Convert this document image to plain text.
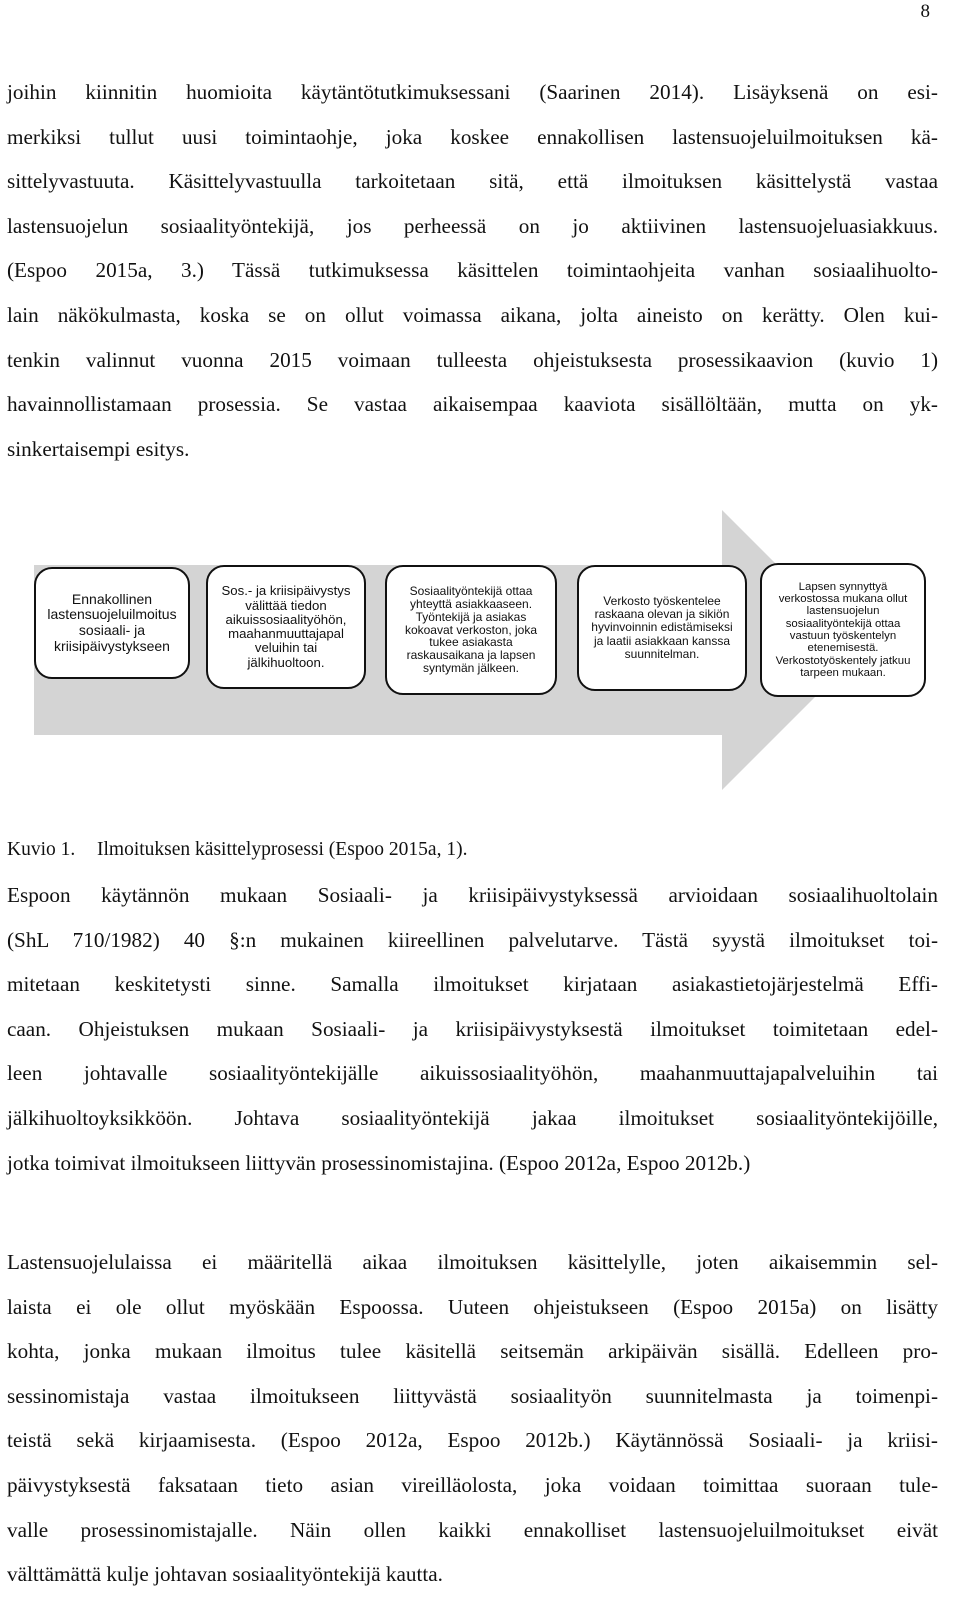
8
joihin kiinnitin huomioita käytäntötutkimuksessani (Saarinen 2014). Lisäyksenä on esi-
merkiksi tullut uusi toimintaohje, joka koskee ennakollisen lastensuojeluilmoituksen kä-
sittelyvastuuta. Käsittelyvastuulla tarkoitetaan sitä, että ilmoituksen käsittelystä vastaa
lastensuojelun sosiaalityöntekijä, jos perheessä on jo aktiivinen lastensuojeluasiakkuus.
(Espoo 2015a, 3.) Tässä tutkimuksessa käsittelen toimintaohjeita vanhan sosiaalihuolto-
lain näkökulmasta, koska se on ollut voimassa aikana, jolta aineisto on kerätty. Olen kui-
tenkin valinnut vuonna 2015 voimaan tulleesta ohjeistuksesta prosessikaavion (kuvio 1)
havainnollistamaan prosessia. Se vastaa aikaisempaa kaaviota sisällöltään, mutta on yk-
sinkertaisempi esitys.
Ennakollinen lastensuojeluilmoitus sosiaali- ja kriisipäivystykseen
Sos.- ja kriisipäivystys välittää tiedon aikuissosiaalityöhön, maahanmuuttajapal veluihin tai jälkihuoltoon.
Sosiaalityöntekijä ottaa yhteyttä asiakkaaseen. Työntekijä ja asiakas kokoavat verkoston, joka tukee asiakasta raskausaikana ja lapsen syntymän jälkeen.
Verkosto työskentelee raskaana olevan ja sikiön hyvinvoinnin edistämiseksi ja laatii asiakkaan kanssa suunnitelman.
Lapsen synnyttyä verkostossa mukana ollut lastensuojelun sosiaalityöntekijä ottaa vastuun työskentelyn etenemisestä. Verkostotyöskentely jatkuu tarpeen mukaan.
Kuvio 1. Ilmoituksen käsittelyprosessi (Espoo 2015a, 1).
Espoon käytännön mukaan Sosiaali- ja kriisipäivystyksessä arvioidaan sosiaalihuoltolain
(ShL 710/1982) 40 §:n mukainen kiireellinen palvelutarve. Tästä syystä ilmoitukset toi-
mitetaan keskitetysti sinne. Samalla ilmoitukset kirjataan asiakastietojärjestelmä Effi-
caan. Ohjeistuksen mukaan Sosiaali- ja kriisipäivystyksestä ilmoitukset toimitetaan edel-
leen johtavalle sosiaalityöntekijälle aikuissosiaalityöhön, maahanmuuttajapalveluihin tai
jälkihuoltoyksikköön. Johtava sosiaalityöntekijä jakaa ilmoitukset sosiaalityöntekijöille,
jotka toimivat ilmoitukseen liittyvän prosessinomistajina. (Espoo 2012a, Espoo 2012b.)
Lastensuojelulaissa ei määritellä aikaa ilmoituksen käsittelylle, joten aikaisemmin sel-
laista ei ole ollut myöskään Espoossa. Uuteen ohjeistukseen (Espoo 2015a) on lisätty
kohta, jonka mukaan ilmoitus tulee käsitellä seitsemän arkipäivän sisällä. Edelleen pro-
sessinomistaja vastaa ilmoitukseen liittyvästä sosiaalityön suunnitelmasta ja toimenpi-
teistä sekä kirjaamisesta. (Espoo 2012a, Espoo 2012b.) Käytännössä Sosiaali- ja kriisi-
päivystyksestä faksataan tieto asian vireilläolosta, joka voidaan toimittaa suoraan tule-
valle prosessinomistajalle. Näin ollen kaikki ennakolliset lastensuojeluilmoitukset eivät
välttämättä kulje johtavan sosiaalityöntekijä kautta.
